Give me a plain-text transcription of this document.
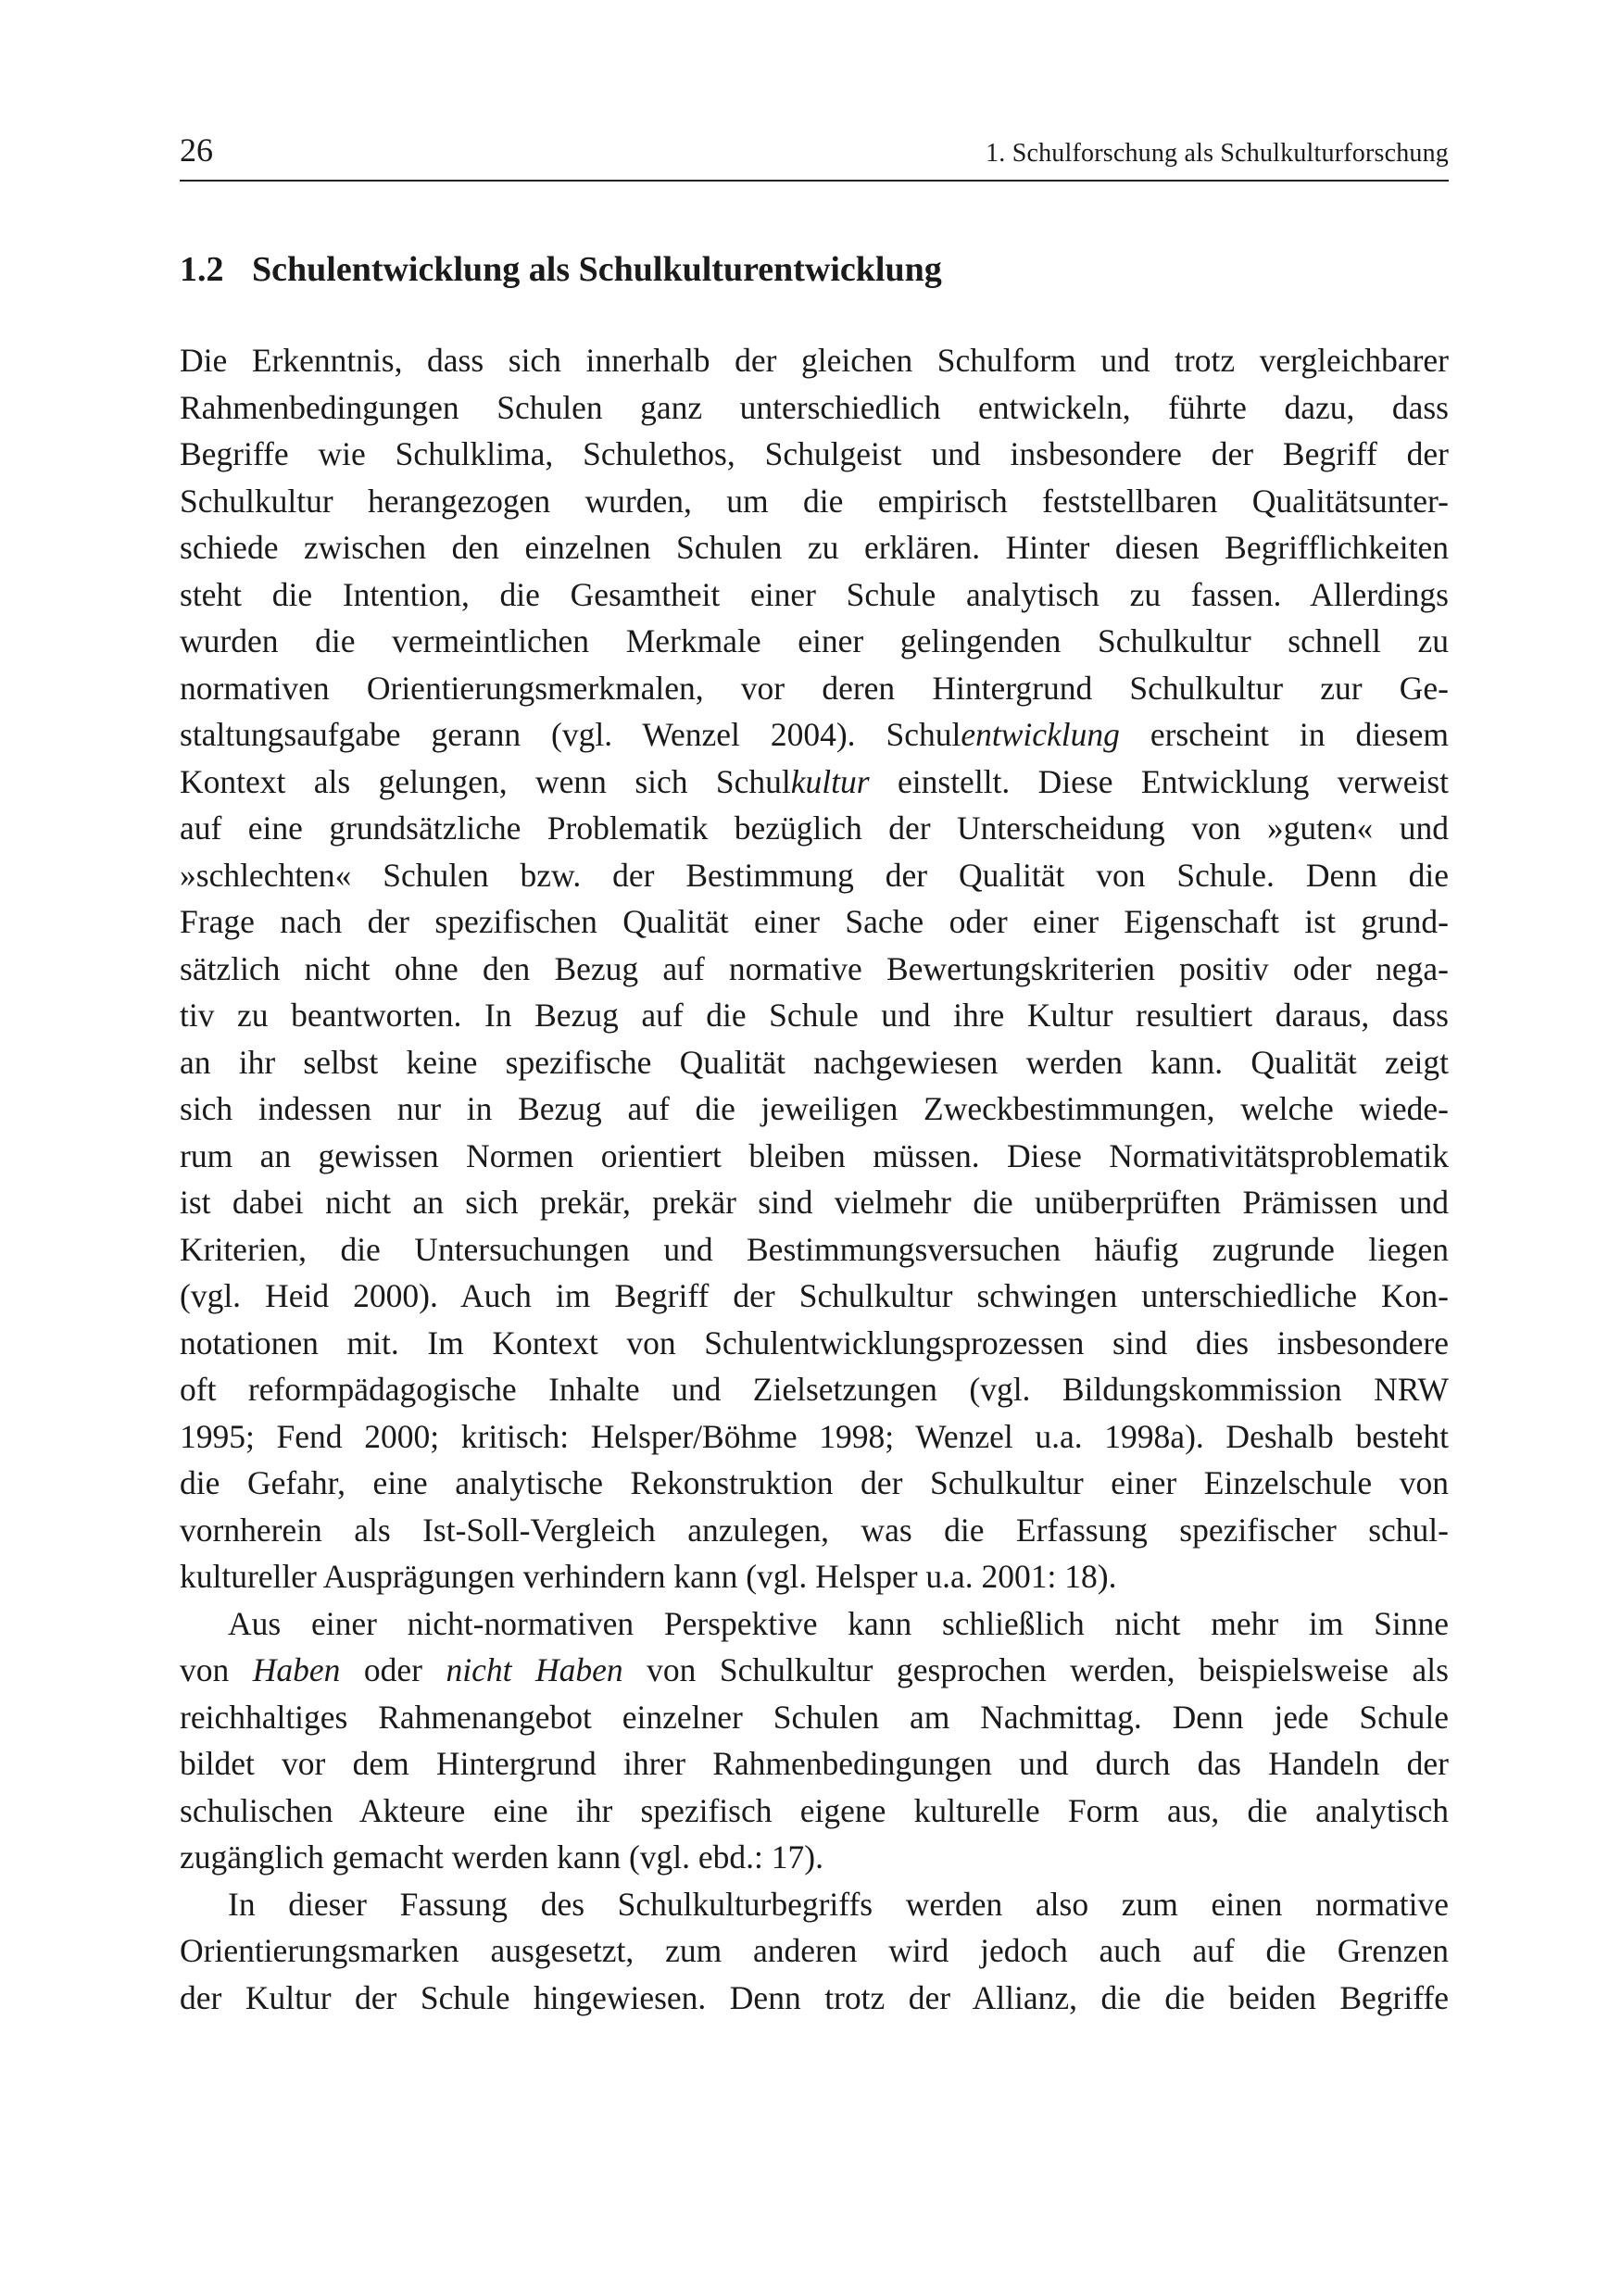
26	1. Schulforschung als Schulkulturforschung
1.2 Schulentwicklung als Schulkulturentwicklung

Die Erkenntnis, dass sich innerhalb der gleichen Schulform und trotz vergleichbarer
Rahmenbedingungen Schulen ganz unterschiedlich entwickeln, führte dazu, dass
Begriffe wie Schulklima, Schulethos, Schulgeist und insbesondere der Begriff der
Schulkultur herangezogen wurden, um die empirisch feststellbaren Qualitätsunter-
schiede zwischen den einzelnen Schulen zu erklären. Hinter diesen Begrifflichkeiten
steht die Intention, die Gesamtheit einer Schule analytisch zu fassen. Allerdings
wurden die vermeintlichen Merkmale einer gelingenden Schulkultur schnell zu
normativen Orientierungsmerkmalen, vor deren Hintergrund Schulkultur zur Ge-
staltungsaufgabe gerann (vgl. Wenzel 2004). Schulentwicklung erscheint in diesem
Kontext als gelungen, wenn sich Schulkultur einstellt. Diese Entwicklung verweist
auf eine grundsätzliche Problematik bezüglich der Unterscheidung von »guten« und
»schlechten« Schulen bzw. der Bestimmung der Qualität von Schule. Denn die
Frage nach der spezifischen Qualität einer Sache oder einer Eigenschaft ist grund-
sätzlich nicht ohne den Bezug auf normative Bewertungskriterien positiv oder nega-
tiv zu beantworten. In Bezug auf die Schule und ihre Kultur resultiert daraus, dass
an ihr selbst keine spezifische Qualität nachgewiesen werden kann. Qualität zeigt
sich indessen nur in Bezug auf die jeweiligen Zweckbestimmungen, welche wiede-
rum an gewissen Normen orientiert bleiben müssen. Diese Normativitätsproblematik
ist dabei nicht an sich prekär, prekär sind vielmehr die unüberprüften Prämissen und
Kriterien, die Untersuchungen und Bestimmungsversuchen häufig zugrunde liegen
(vgl. Heid 2000). Auch im Begriff der Schulkultur schwingen unterschiedliche Kon-
notationen mit. Im Kontext von Schulentwicklungsprozessen sind dies insbesondere
oft reformpädagogische Inhalte und Zielsetzungen (vgl. Bildungskommission NRW
1995; Fend 2000; kritisch: Helsper/Böhme 1998; Wenzel u.a. 1998a). Deshalb besteht
die Gefahr, eine analytische Rekonstruktion der Schulkultur einer Einzelschule von
vornherein als Ist-Soll-Vergleich anzulegen, was die Erfassung spezifischer schul-
kultureller Ausprägungen verhindern kann (vgl. Helsper u.a. 2001: 18).

Aus einer nicht-normativen Perspektive kann schließlich nicht mehr im Sinne
von Haben oder nicht Haben von Schulkultur gesprochen werden, beispielsweise als
reichhaltiges Rahmenangebot einzelner Schulen am Nachmittag. Denn jede Schule
bildet vor dem Hintergrund ihrer Rahmenbedingungen und durch das Handeln der
schulischen Akteure eine ihr spezifisch eigene kulturelle Form aus, die analytisch
zugänglich gemacht werden kann (vgl. ebd.: 17).

In dieser Fassung des Schulkulturbegriffs werden also zum einen normative
Orientierungsmarken ausgesetzt, zum anderen wird jedoch auch auf die Grenzen
der Kultur der Schule hingewiesen. Denn trotz der Allianz, die die beiden Begriffe
